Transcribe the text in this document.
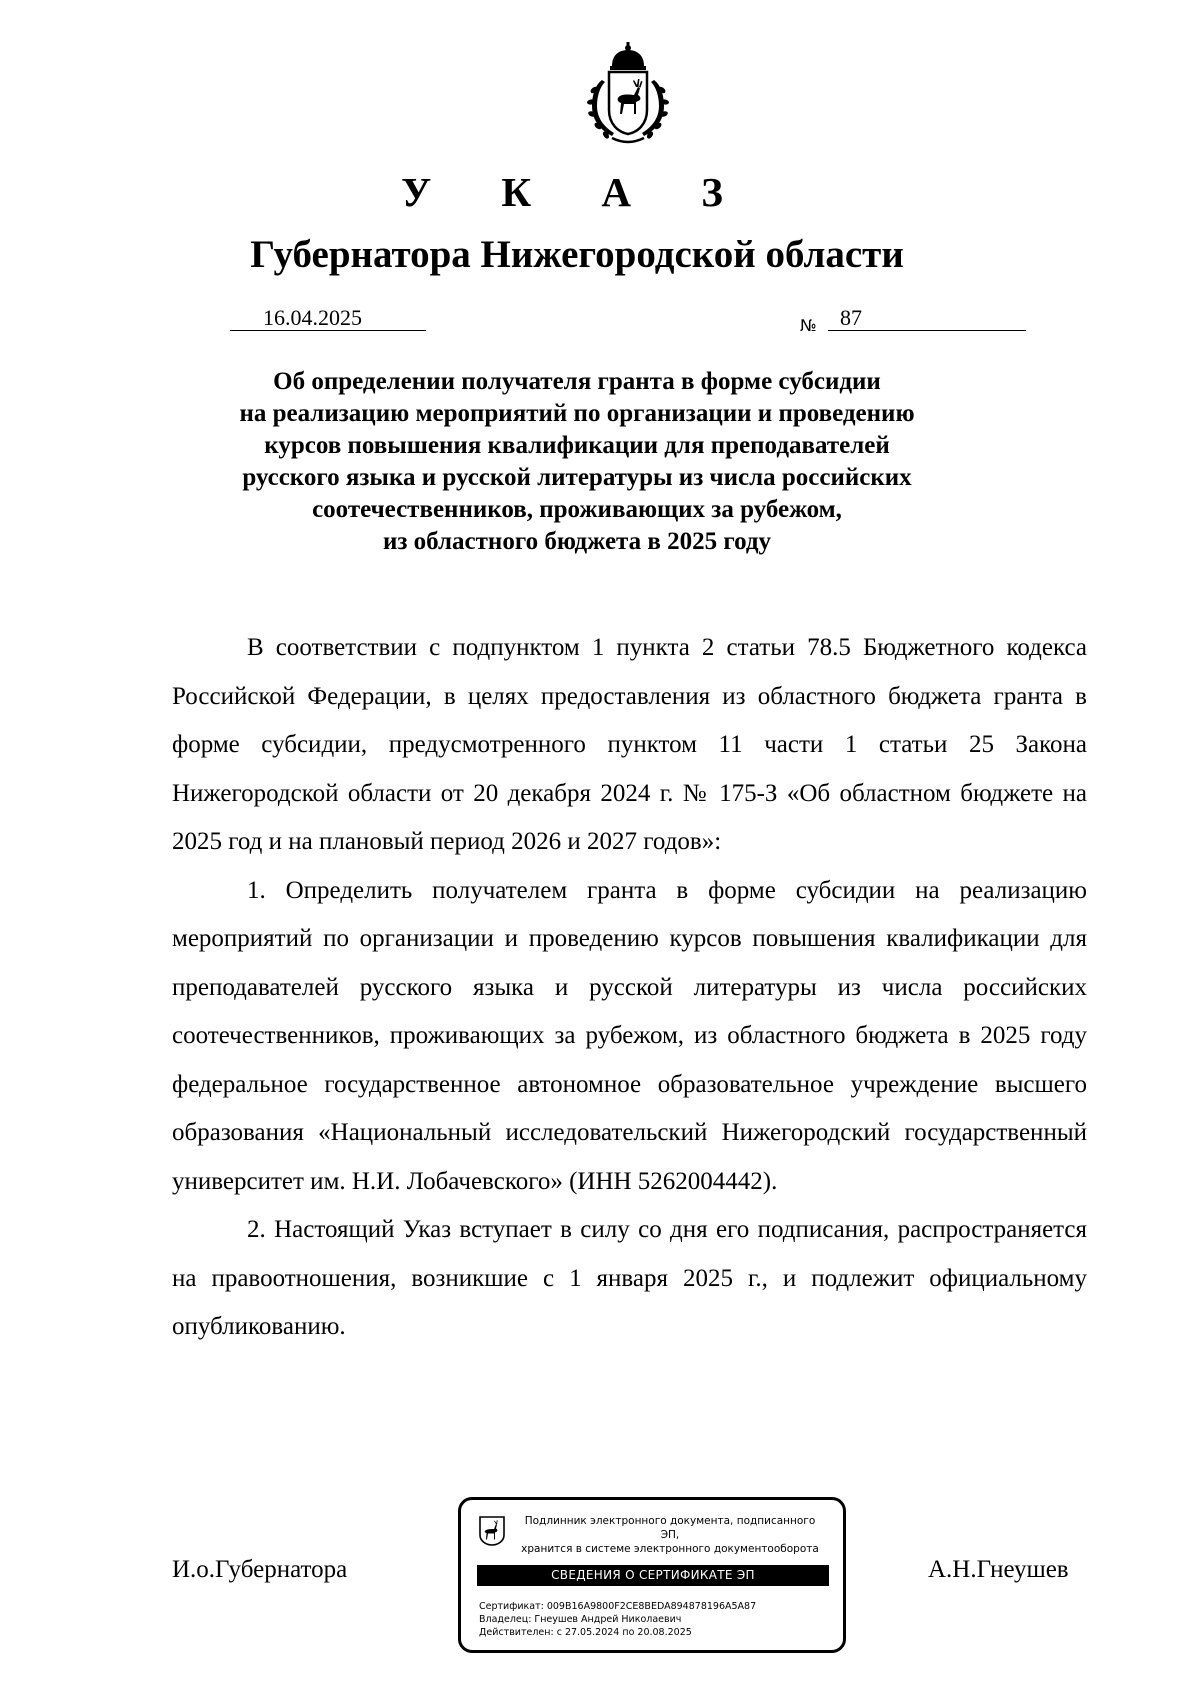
У К А З
Губернатора Нижегородской области
16.04.2025	№ 87
Об определении получателя гранта в форме субсидии
на реализацию мероприятий по организации и проведению
курсов повышения квалификации для преподавателей
русского языка и русской литературы из числа российских
соотечественников, проживающих за рубежом,
из областного бюджета в 2025 году

В соответствии с подпунктом 1 пункта 2 статьи 78.5 Бюджетного кодекса Российской Федерации, в целях предоставления из областного бюджета гранта в форме субсидии, предусмотренного пунктом 11 части 1 статьи 25 Закона Нижегородской области от 20 декабря 2024 г. № 175-З «Об областном бюджете на 2025 год и на плановый период 2026 и 2027 годов»:

1. Определить получателем гранта в форме субсидии на реализацию мероприятий по организации и проведению курсов повышения квалификации для преподавателей русского языка и русской литературы из числа российских соотечественников, проживающих за рубежом, из областного бюджета в 2025 году федеральное государственное автономное образовательное учреждение высшего образования «Национальный исследовательский Нижегородский государственный университет им. Н.И. Лобачевского» (ИНН 5262004442).

2. Настоящий Указ вступает в силу со дня его подписания, распространяется на правоотношения, возникшие с 1 января 2025 г., и подлежит официальному опубликованию.

И.о.Губернатора	А.Н.Гнеушев
Подлинник электронного документа, подписанного ЭП,
хранится в системе электронного документооборота
СВЕДЕНИЯ О СЕРТИФИКАТЕ ЭП
Сертификат: 009B16A9800F2CE8BEDA894878196A5A87
Владелец: Гнеушев Андрей Николаевич
Действителен: с 27.05.2024 по 20.08.2025
